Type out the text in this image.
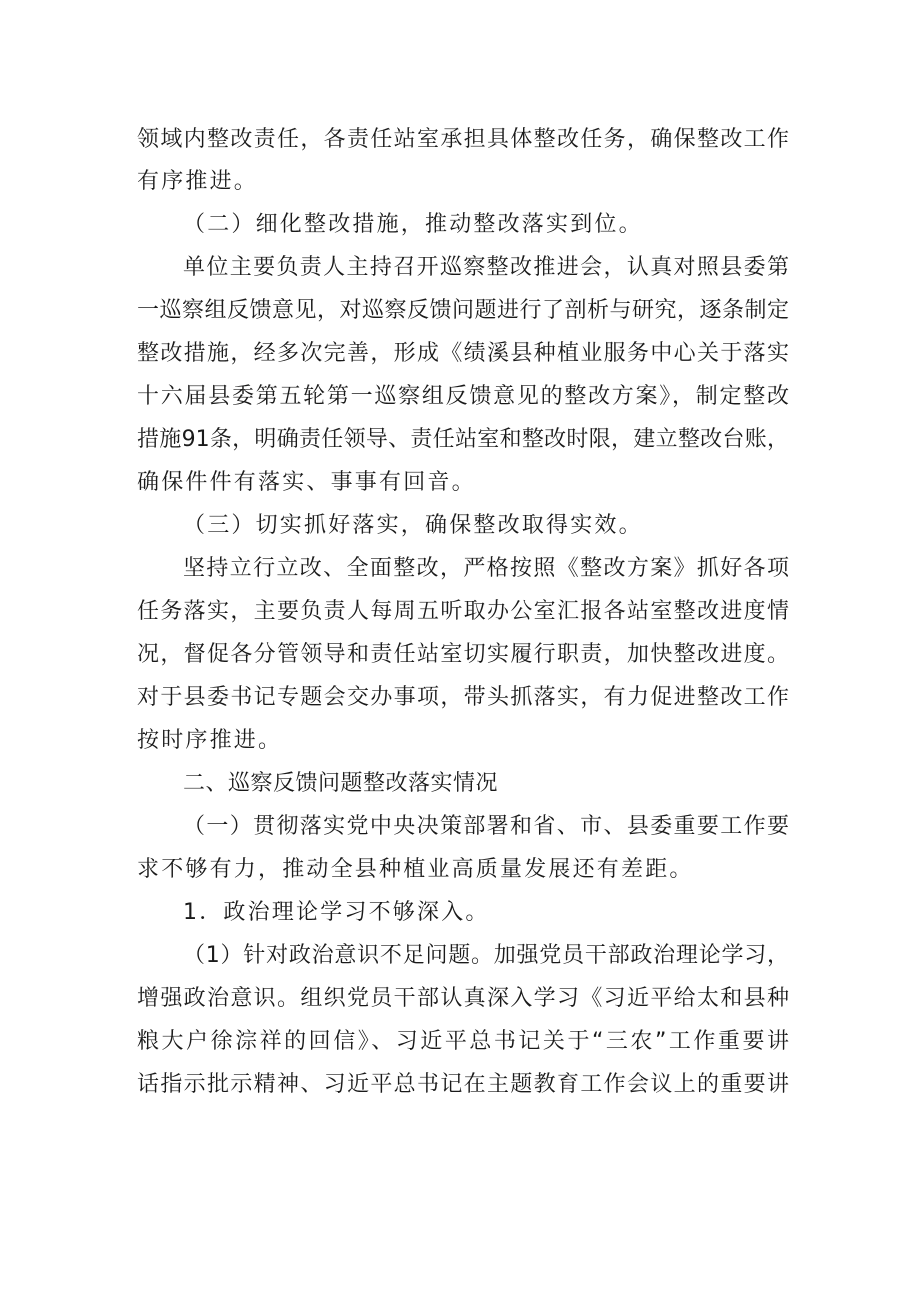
领域内整改责任，各责任站室承担具体整改任务，确保整改工作
有序推进。
（二）细化整改措施，推动整改落实到位。
单位主要负责人主持召开巡察整改推进会，认真对照县委第
一巡察组反馈意见，对巡察反馈问题进行了剖析与研究，逐条制定
整改措施，经多次完善，形成《绩溪县种植业服务中心关于落实
十六届县委第五轮第一巡察组反馈意见的整改方案》，制定整改
措施91条，明确责任领导、责任站室和整改时限，建立整改台账，
确保件件有落实、事事有回音。
（三）切实抓好落实，确保整改取得实效。
坚持立行立改、全面整改，严格按照《整改方案》抓好各项
任务落实，主要负责人每周五听取办公室汇报各站室整改进度情
况，督促各分管领导和责任站室切实履行职责，加快整改进度。
对于县委书记专题会交办事项，带头抓落实，有力促进整改工作
按时序推进。
二、巡察反馈问题整改落实情况
（一）贯彻落实党中央决策部署和省、市、县委重要工作要
求不够有力，推动全县种植业高质量发展还有差距。
1．政治理论学习不够深入。
（1）针对政治意识不足问题。加强党员干部政治理论学习，
增强政治意识。组织党员干部认真深入学习《习近平给太和县种
粮大户徐淙祥的回信》、习近平总书记关于“三农”工作重要讲
话指示批示精神、习近平总书记在主题教育工作会议上的重要讲
